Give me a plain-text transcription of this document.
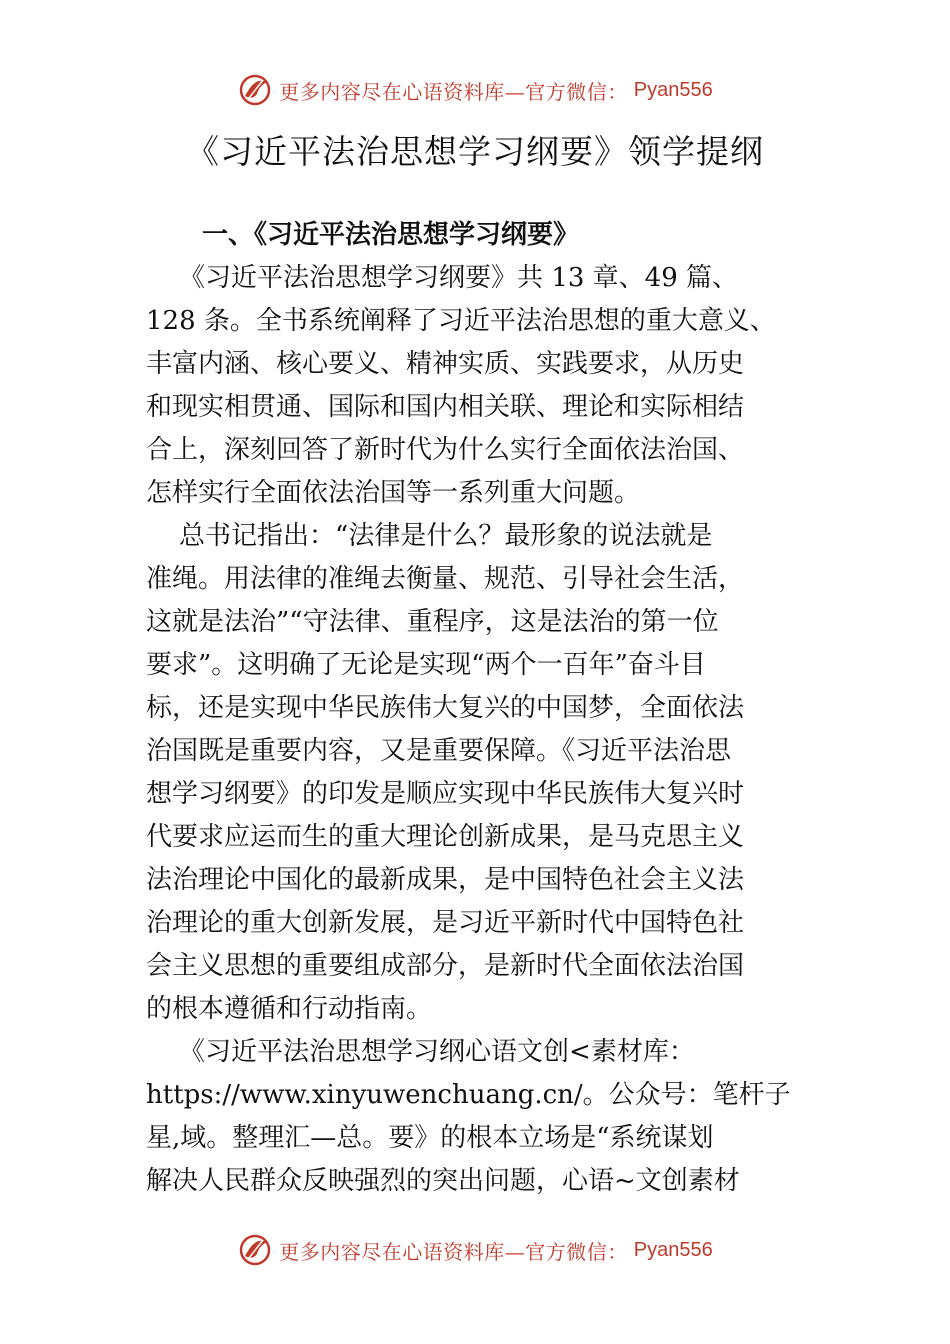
更多内容尽在心语资料库—官方微信： Pyan556
《习近平法治思想学习纲要》领学提纲

一、《习近平法治思想学习纲要》

《习近平法治思想学习纲要》共 13 章、49 篇、

128 条。全书系统阐释了习近平法治思想的重大意义、

丰富内涵、核心要义、精神实质、实践要求，从历史

和现实相贯通、国际和国内相关联、理论和实际相结

合上，深刻回答了新时代为什么实行全面依法治国、

怎样实行全面依法治国等一系列重大问题。

总书记指出：“法律是什么？最形象的说法就是

准绳。用法律的准绳去衡量、规范、引导社会生活，

这就是法治”“守法律、重程序，这是法治的第一位

要求”。这明确了无论是实现“两个一百年”奋斗目

标，还是实现中华民族伟大复兴的中国梦，全面依法

治国既是重要内容，又是重要保障。《习近平法治思

想学习纲要》的印发是顺应实现中华民族伟大复兴时

代要求应运而生的重大理论创新成果，是马克思主义

法治理论中国化的最新成果，是中国特色社会主义法

治理论的重大创新发展，是习近平新时代中国特色社

会主义思想的重要组成部分，是新时代全面依法治国

的根本遵循和行动指南。

《习近平法治思想学习纲心语文创<素材库：

https://www.xinyuwenchuang.cn/。公众号：笔杆子

星,域。整理汇—总。要》的根本立场是“系统谋划

解决人民群众反映强烈的突出问题，心语~文创素材

更多内容尽在心语资料库—官方微信： Pyan556
